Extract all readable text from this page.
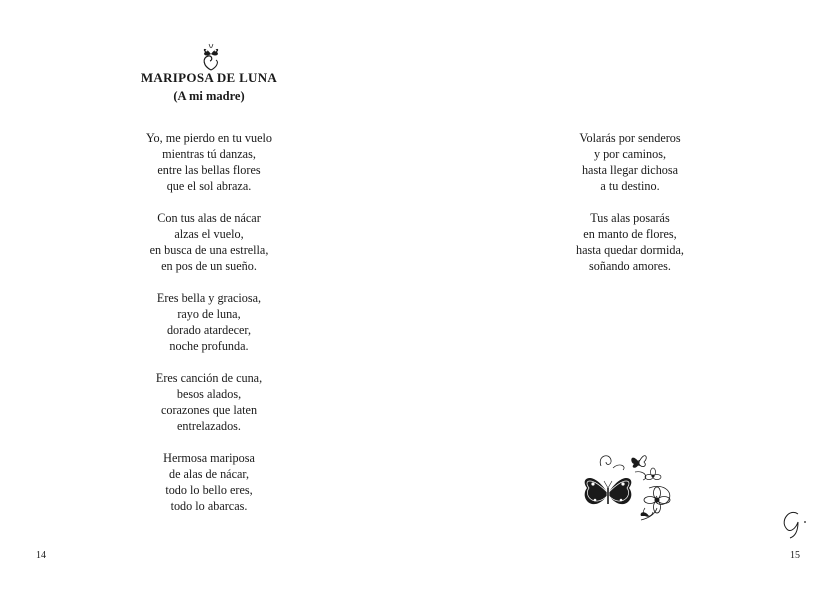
MARIPOSA DE LUNA
(A mi madre)
Yo, me pierdo en tu vuelo
mientras tú danzas,
entre las bellas flores
que el sol abraza.
Con tus alas de nácar
alzas el vuelo,
en busca de una estrella,
en pos de un sueño.
Eres bella y graciosa,
rayo de luna,
dorado atardecer,
noche profunda.
Eres canción de cuna,
besos alados,
corazones que laten
entrelazados.
Hermosa mariposa
de alas de nácar,
todo lo bello eres,
todo lo abarcas.
14
Volarás por senderos
y por caminos,
hasta llegar dichosa
a tu destino.
Tus alas posarás
en manto de flores,
hasta quedar dormida,
soñando amores.
15
